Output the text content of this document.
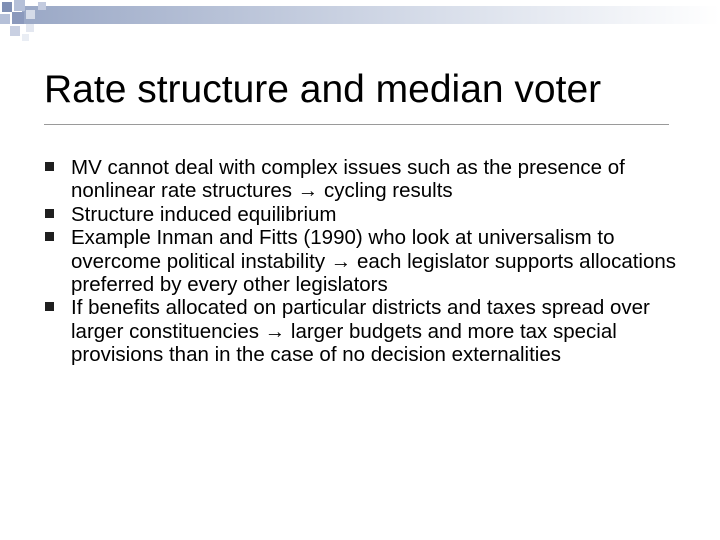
Rate structure and median voter
MV cannot deal with complex issues such as the presence of nonlinear rate structures → cycling results
Structure induced equilibrium
Example Inman and Fitts (1990) who look at universalism to overcome political instability → each legislator supports allocations preferred by every other legislators
If benefits allocated on particular districts and taxes spread over larger constituencies → larger budgets and more tax special provisions than in the case of no decision externalities
